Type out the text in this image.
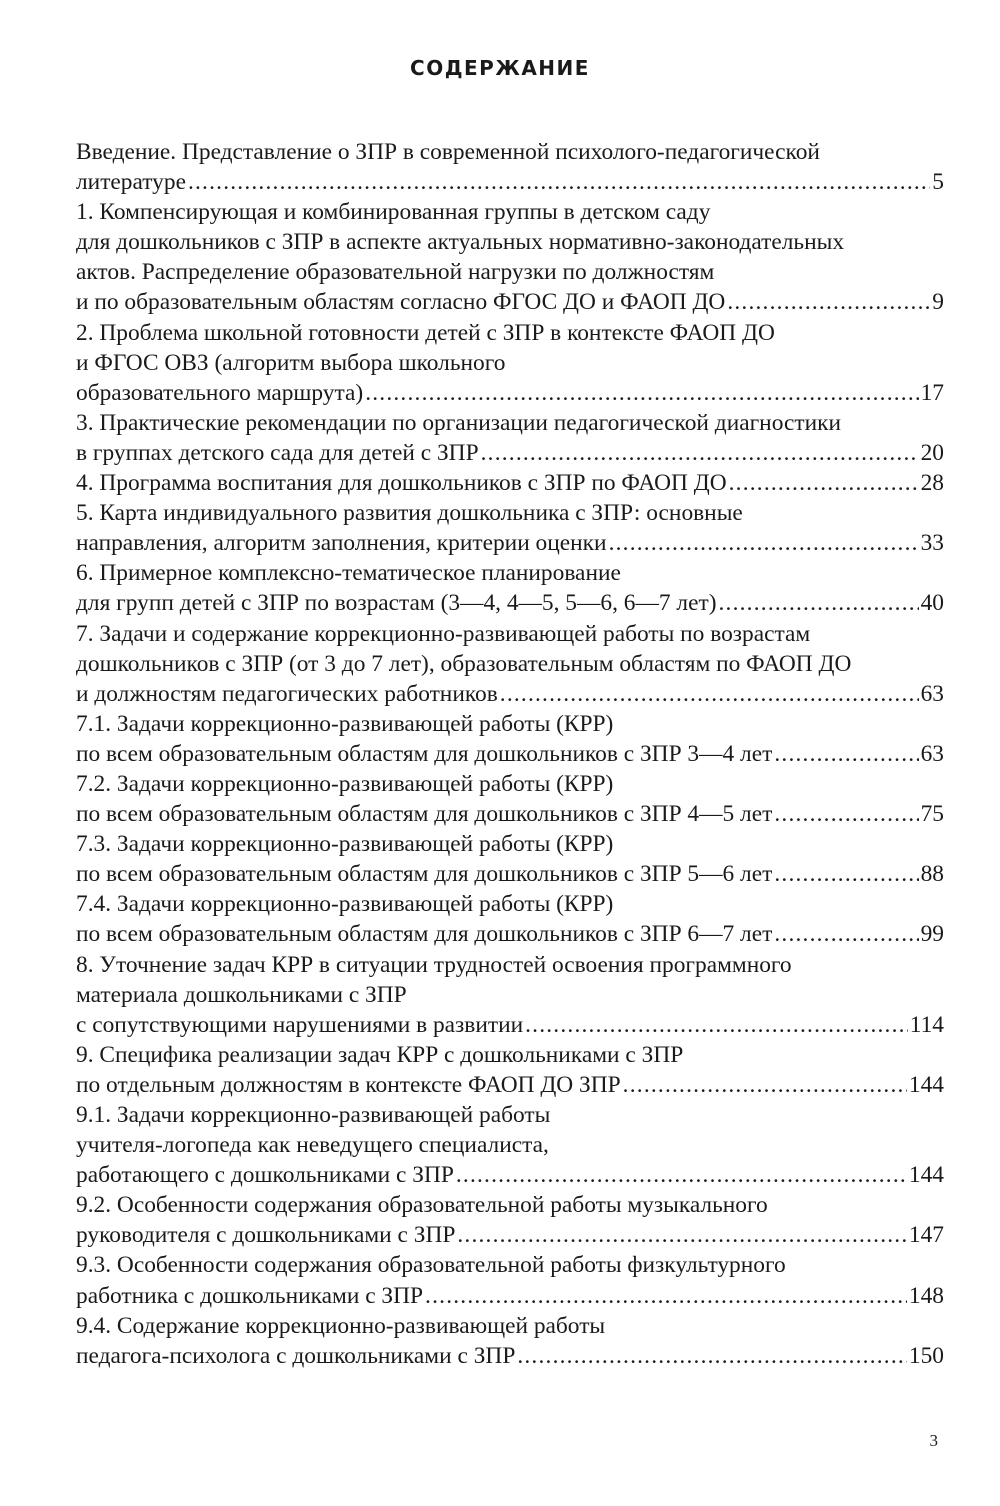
СОДЕРЖАНИЕ
Введение. Представление о ЗПР в современной психолого-педагогической
литературе .....	5
1. Компенсирующая и комбинированная группы в детском саду
для дошкольников с ЗПР в аспекте актуальных нормативно-законодательных
актов. Распределение образовательной нагрузки по должностям
и по образовательным областям согласно ФГОС ДО и ФАОП ДО .....	9
2. Проблема школьной готовности детей с ЗПР в контексте ФАОП ДО
и ФГОС ОВЗ (алгоритм выбора школьного
образовательного маршрута) .....	17
3. Практические рекомендации по организации педагогической диагностики
в группах детского сада для детей с ЗПР .....	20
4. Программа воспитания для дошкольников с ЗПР по ФАОП ДО .....	28
5. Карта индивидуального развития дошкольника с ЗПР: основные
направления, алгоритм заполнения, критерии оценки .....	33
6. Примерное комплексно-тематическое планирование
для групп детей с ЗПР по возрастам (3—4, 4—5, 5—6, 6—7 лет) .....	40
7. Задачи и содержание коррекционно-развивающей работы по возрастам
дошкольников с ЗПР (от 3 до 7 лет), образовательным областям по ФАОП ДО
и должностям педагогических работников .....	63
7.1. Задачи коррекционно-развивающей работы (КРР)
по всем образовательным областям для дошкольников с ЗПР 3—4 лет .....	63
7.2. Задачи коррекционно-развивающей работы (КРР)
по всем образовательным областям для дошкольников с ЗПР 4—5 лет .....	75
7.3. Задачи коррекционно-развивающей работы (КРР)
по всем образовательным областям для дошкольников с ЗПР 5—6 лет .....	88
7.4. Задачи коррекционно-развивающей работы (КРР)
по всем образовательным областям для дошкольников с ЗПР 6—7 лет .....	99
8. Уточнение задач КРР в ситуации трудностей освоения программного
материала дошкольниками с ЗПР
с сопутствующими нарушениями в развитии .....	114
9. Специфика реализации задач КРР с дошкольниками с ЗПР
по отдельным должностям в контексте ФАОП ДО ЗПР .....	144
9.1. Задачи коррекционно-развивающей работы
учителя-логопеда как неведущего специалиста,
работающего с дошкольниками с ЗПР .....	144
9.2. Особенности содержания образовательной работы музыкального
руководителя с дошкольниками с ЗПР .....	147
9.3. Особенности содержания образовательной работы физкультурного
работника с дошкольниками с ЗПР .....	148
9.4. Содержание коррекционно-развивающей работы
педагога-психолога с дошкольниками с ЗПР .....	150
3
